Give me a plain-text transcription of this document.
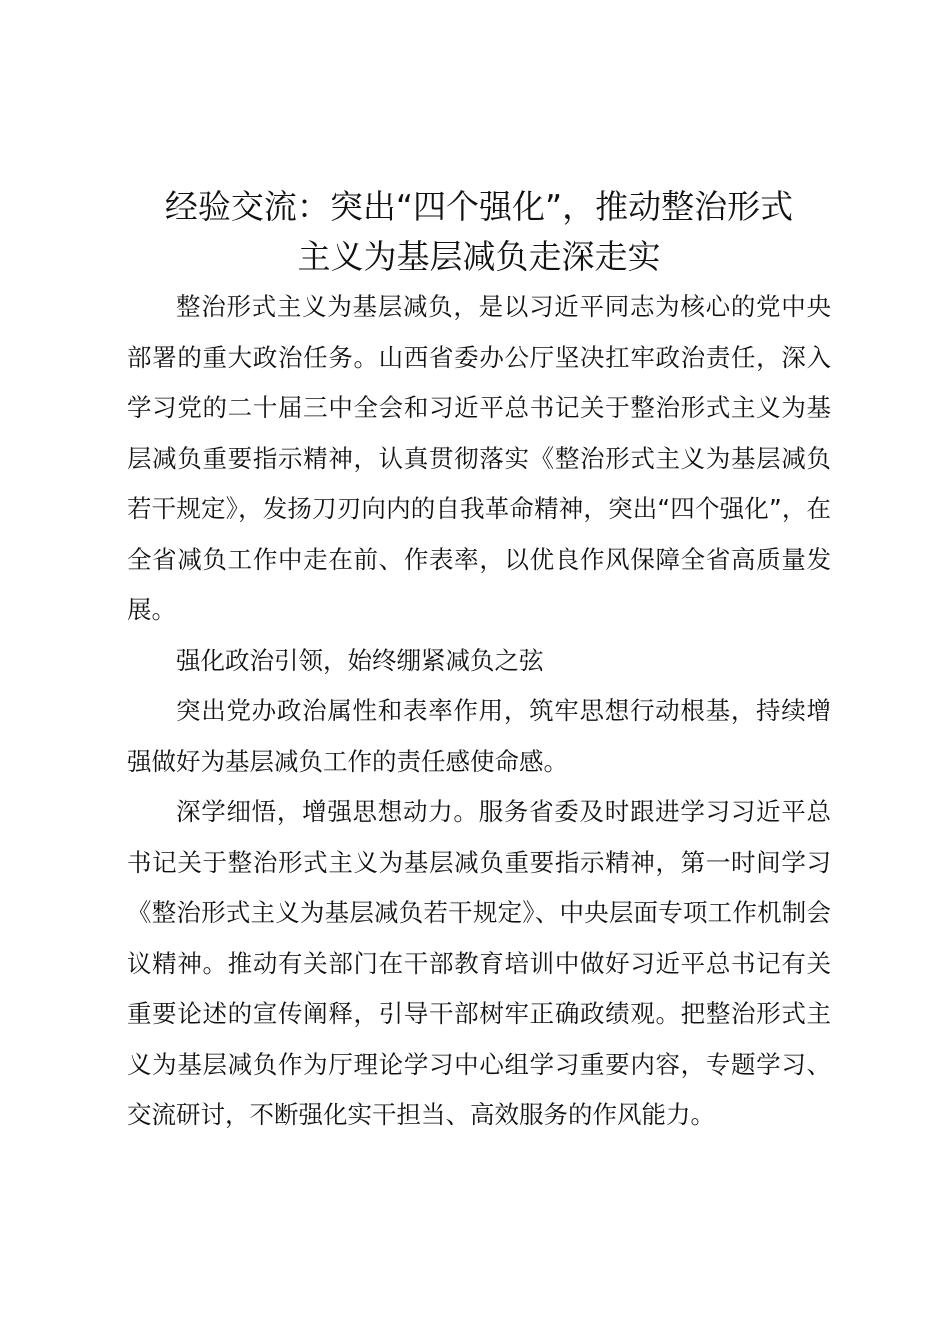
经验交流：突出“四个强化”，推动整治形式
主义为基层减负走深走实

整治形式主义为基层减负，是以习近平同志为核心的党中央部署的重大政治任务。山西省委办公厅坚决扛牢政治责任，深入学习党的二十届三中全会和习近平总书记关于整治形式主义为基层减负重要指示精神，认真贯彻落实《整治形式主义为基层减负若干规定》，发扬刀刃向内的自我革命精神，突出“四个强化”，在全省减负工作中走在前、作表率，以优良作风保障全省高质量发展。

强化政治引领，始终绷紧减负之弦

突出党办政治属性和表率作用，筑牢思想行动根基，持续增强做好为基层减负工作的责任感使命感。

深学细悟，增强思想动力。服务省委及时跟进学习习近平总书记关于整治形式主义为基层减负重要指示精神，第一时间学习《整治形式主义为基层减负若干规定》、中央层面专项工作机制会议精神。推动有关部门在干部教育培训中做好习近平总书记有关重要论述的宣传阐释，引导干部树牢正确政绩观。把整治形式主义为基层减负作为厅理论学习中心组学习重要内容，专题学习、交流研讨，不断强化实干担当、高效服务的作风能力。
